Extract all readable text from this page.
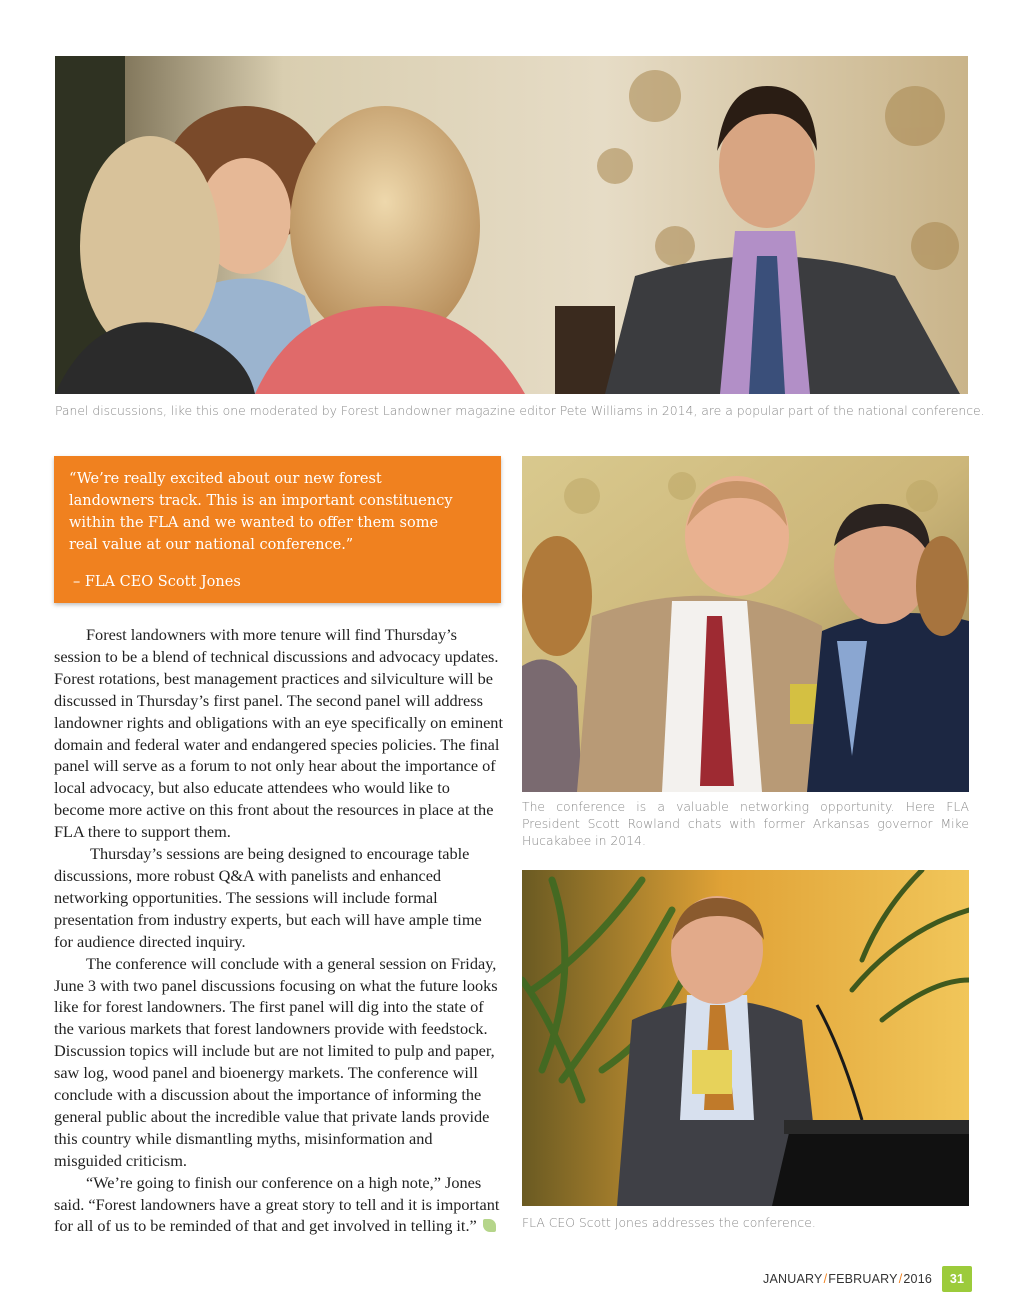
Panel discussions, like this one moderated by Forest Landowner magazine editor Pete Williams in 2014, are a popular part of the national conference.

“We’re really excited about our new forest landowners track. This is an important constituency within the FLA and we wanted to offer them some real value at our national conference.”

– FLA CEO Scott Jones

The conference is a valuable networking opportunity. Here FLA President Scott Rowland chats with former Arkansas governor Mike Hucakabee in 2014.
FLA CEO Scott Jones addresses the conference.

Forest landowners with more tenure will find Thursday’s session to be a blend of technical discussions and advocacy updates. Forest rotations, best management practices and silviculture will be discussed in Thursday’s first panel. The second panel will address landowner rights and obligations with an eye specifically on eminent domain and federal water and endangered species policies. The final panel will serve as a forum to not only hear about the importance of local advocacy, but also educate attendees who would like to become more active on this front about the resources in place at the FLA there to support them.

Thursday’s sessions are being designed to encourage table discussions, more robust Q&A with panelists and enhanced networking opportunities. The sessions will include formal presentation from industry experts, but each will have ample time for audience directed inquiry.

The conference will conclude with a general session on Friday, June 3 with two panel discussions focusing on what the future looks like for forest landowners. The first panel will dig into the state of the various markets that forest landowners provide with feedstock. Discussion topics will include but are not limited to pulp and paper, saw log, wood panel and bioenergy markets. The conference will conclude with a discussion about the importance of informing the general public about the incredible value that private lands provide this country while dismantling myths, misinformation and misguided criticism.

“We’re going to finish our conference on a high note,” Jones said. “Forest landowners have a great story to tell and it is important for all of us to be reminded of that and get involved in telling it.”

JANUARY / FEBRUARY / 2016	31
